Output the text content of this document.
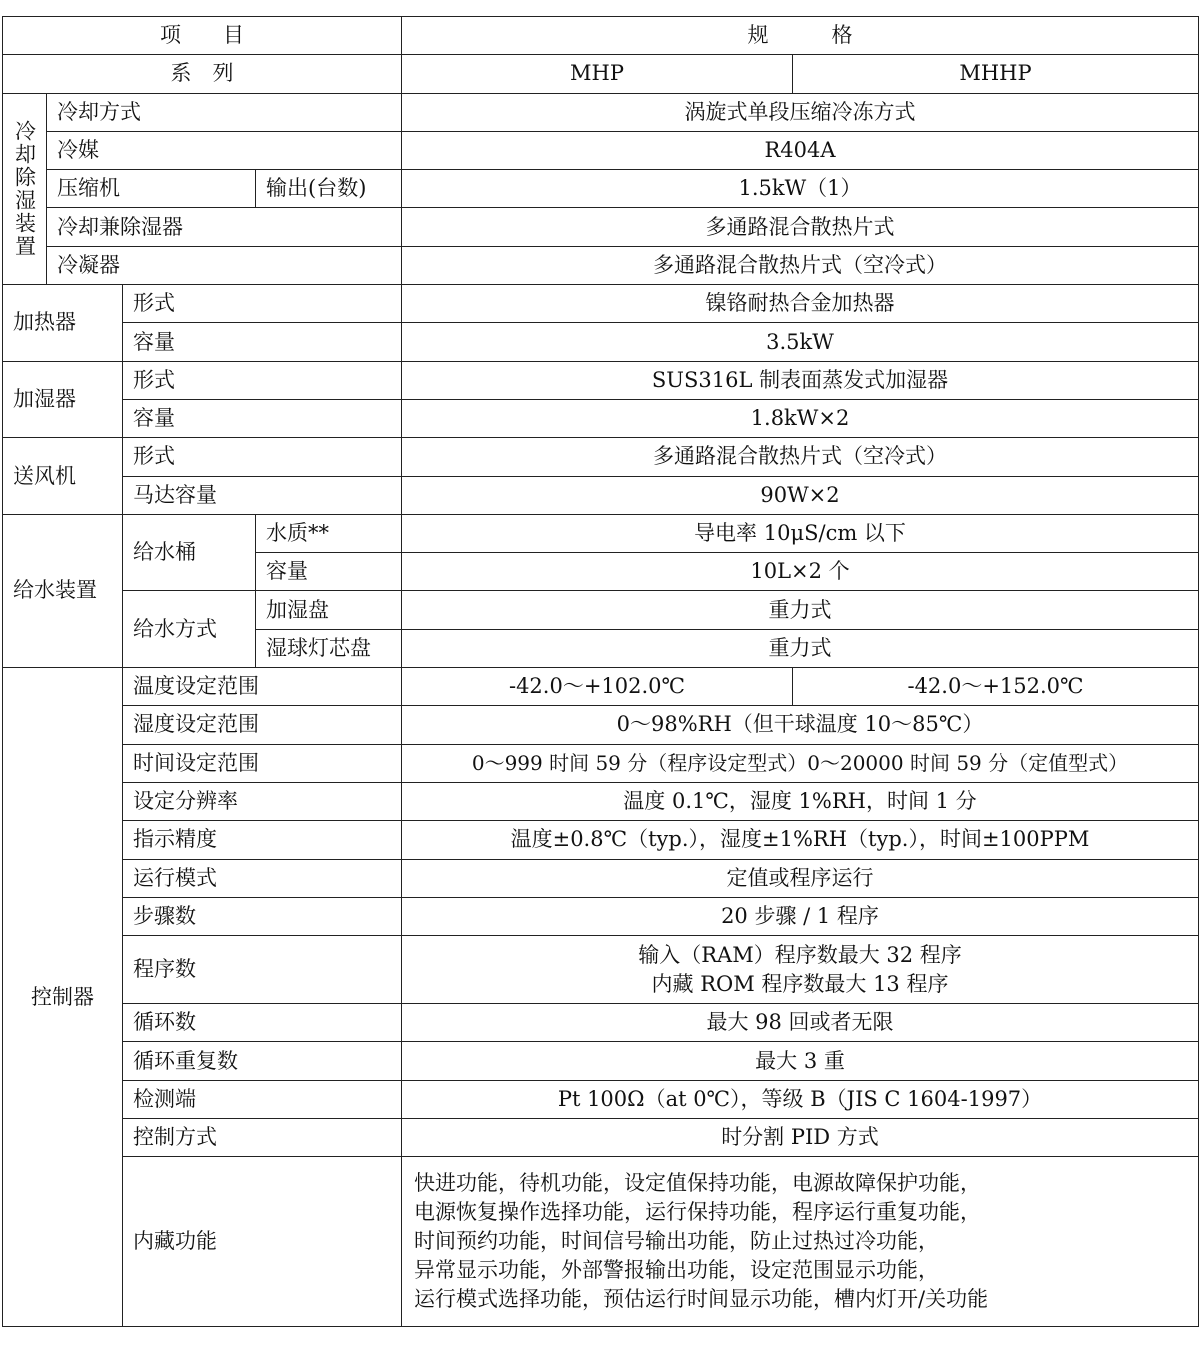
项　　目				规　　　格	
系　列				MHP	MHHP
冷却除湿装置	冷却方式			涡旋式单段压缩冷冻方式	
	冷媒			R404A	
	压缩机		输出(台数)	1.5kW（1）	
	冷却兼除湿器			多通路混合散热片式	
	冷凝器			多通路混合散热片式（空冷式）	
加热器		形式		镍铬耐热合金加热器	
		容量		3.5kW	
加湿器		形式		SUS316L 制表面蒸发式加湿器	
		容量		1.8kW×2	
送风机		形式		多通路混合散热片式（空冷式）	
		马达容量		90W×2	
给水装置		给水桶	水质**	导电率 10μS/cm 以下	
			容量	10L×2 个	
		给水方式	加湿盘	重力式	
			湿球灯芯盘	重力式	
控制器		温度设定范围		-42.0～+102.0℃	-42.0～+152.0℃
		湿度设定范围		0～98%RH（但干球温度 10～85℃）	
		时间设定范围		0～999 时间 59 分（程序设定型式）0～20000 时间 59 分（定值型式）	
		设定分辨率		温度 0.1℃，湿度 1%RH，时间 1 分	
		指示精度		温度±0.8℃（typ.），湿度±1%RH（typ.），时间±100PPM	
		运行模式		定值或程序运行	
		步骤数		20 步骤 / 1 程序	
		程序数		输入（RAM）程序数最大 32 程序
内藏 ROM 程序数最大 13 程序	
		循环数		最大 98 回或者无限	
		循环重复数		最大 3 重	
		检测端		Pt 100Ω（at 0℃），等级 B（JIS C 1604-1997）	
		控制方式		时分割 PID 方式	
		内藏功能		快进功能，待机功能，设定值保持功能，电源故障保护功能，
电源恢复操作选择功能，运行保持功能，程序运行重复功能，
时间预约功能，时间信号输出功能，防止过热过冷功能，
异常显示功能，外部警报输出功能，设定范围显示功能，
运行模式选择功能，预估运行时间显示功能，槽内灯开/关功能	
